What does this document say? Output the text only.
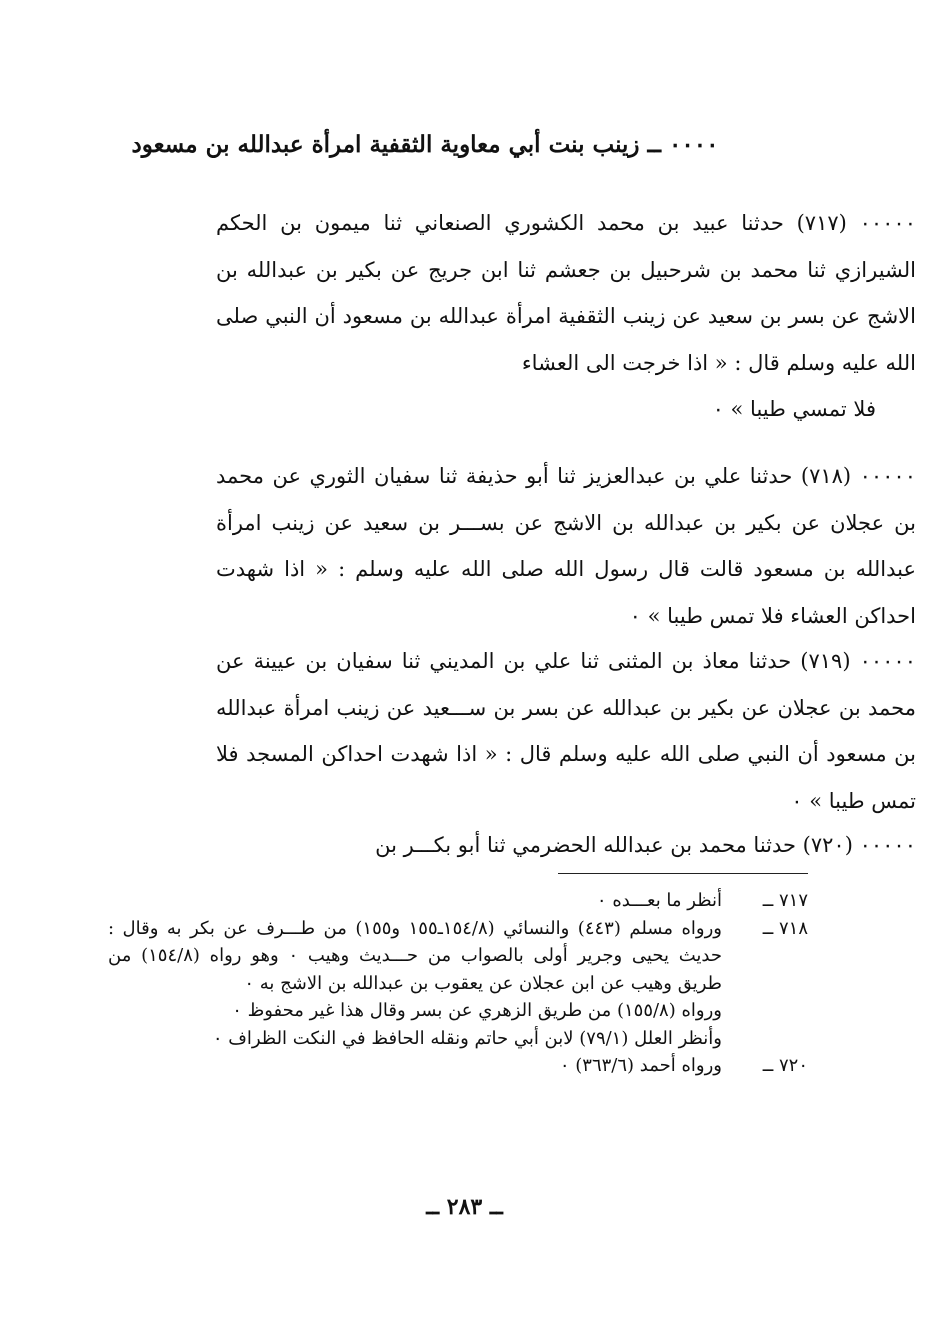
٠٠٠٠ ــ زينب بنت أبي معاوية الثقفية امرأة عبدالله بن مسعود

٠٠٠٠٠ (٧١٧) حدثنا عبيد بن محمد الكشوري الصنعاني ثنا ميمون بن الحكم الشيرازي ثنا محمد بن شرحبيل بن جعشم ثنا ابن جريج عن بكير بن عبدالله بن الاشج عن بسر بن سعيد عن زينب الثقفية امرأة عبدالله بن مسعود أن النبي صلى الله عليه وسلم قال : « اذا خرجت الى العشاء
فلا تمسي طيبا » ٠

٠٠٠٠٠ (٧١٨) حدثنا علي بن عبدالعزيز ثنا أبو حذيفة ثنا سفيان الثوري عن محمد بن عجلان عن بكير بن عبدالله بن الاشج عن بســـر بن سعيد عن زينب امرأة عبدالله بن مسعود قالت قال رسول الله صلى الله عليه وسلم : « اذا شهدت احداكن العشاء فلا تمس طيبا » ٠

٠٠٠٠٠ (٧١٩) حدثنا معاذ بن المثنى ثنا علي بن المديني ثنا سفيان بن عيينة عن محمد بن عجلان عن بكير بن عبدالله عن بسر بن ســـعيد عن زينب امرأة عبدالله بن مسعود أن النبي صلى الله عليه وسلم قال : « اذا شهدت احداكن المسجد فلا تمس طيبا » ٠

٠٠٠٠٠ (٧٢٠) حدثنا محمد بن عبدالله الحضرمي ثنا أبو بكـــر بن

٧١٧ ــ
أنظر ما بعـــده ٠
٧١٨ ــ
ورواه مسلم (٤٤٣) والنسائي (١٥٤/٨ـ١٥٥ و١٥٥) من طـــرف عن بكر به وقال : حديث يحيى وجرير أولى بالصواب من حـــديث وهيب ٠ وهو رواه (١٥٤/٨) من طريق وهيب عن ابن عجلان عن يعقوب بن عبدالله بن الاشج به ٠
ورواه (١٥٥/٨) من طريق الزهري عن بسر وقال هذا غير محفوظ ٠
وأنظر العلل (٧٩/١) لابن أبي حاتم ونقله الحافظ في النكت الظراف ٠
٧٢٠ ــ
ورواه أحمد (٣٦٣/٦) ٠
ــ ٢٨٣ ــ
